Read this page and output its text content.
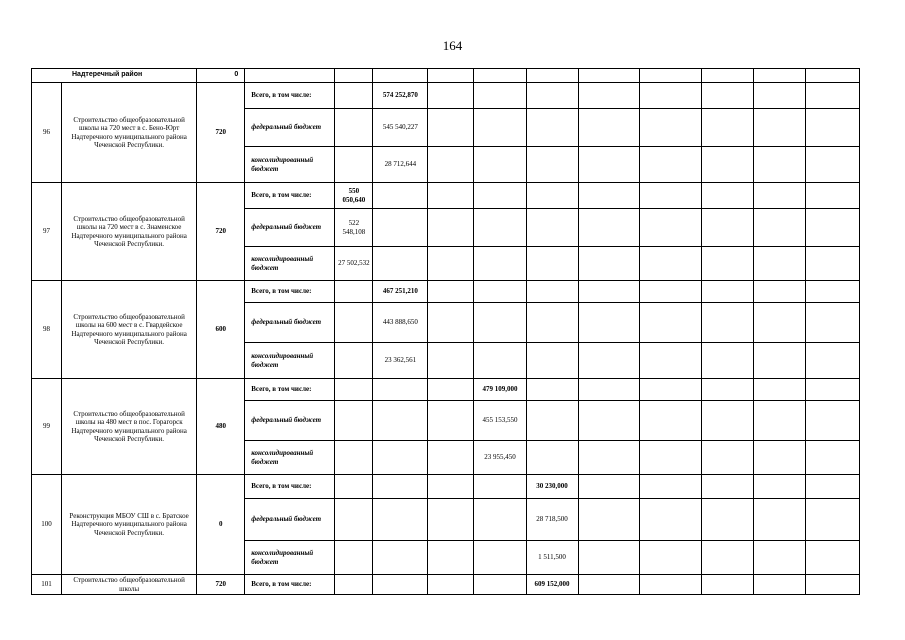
164
Надтеречный район		0											
96	Строительство общеобразовательной школы на 720 мест в с. Бено-Юрт Надтеречного муниципального района Чеченской Республики.	720	Всего, в том числе:		574 252,870								
			федеральный бюджет		545 540,227								
			консолидированный бюджет		28 712,644								
97	Строительство общеобразовательной школы на 720 мест в с. Знаменское Надтеречного муниципального района Чеченской Республики.	720	Всего, в том числе:	550 050,640									
			федеральный бюджет	522 548,108									
			консолидированный бюджет	27 502,532									
98	Строительство общеобразовательной школы на 600 мест в с. Гвардейское Надтеречного муниципального района Чеченской Республики.	600	Всего, в том числе:		467 251,210								
			федеральный бюджет		443 888,650								
			консолидированный бюджет		23 362,561								
99	Строительство общеобразовательной школы на 480 мест в пос. Горагорск Надтеречного муниципального района Чеченской Республики.	480	Всего, в том числе:				479 109,000						
			федеральный бюджет				455 153,550						
			консолидированный бюджет				23 955,450						
100	Реконструкция МБОУ СШ в с. Братское Надтеречного муниципального района Чеченской Республики.	0	Всего, в том числе:					30 230,000					
			федеральный бюджет					28 718,500					
			консолидированный бюджет					1 511,500					
101	Строительство общеобразовательной школы	720	Всего, в том числе:					609 152,000					
